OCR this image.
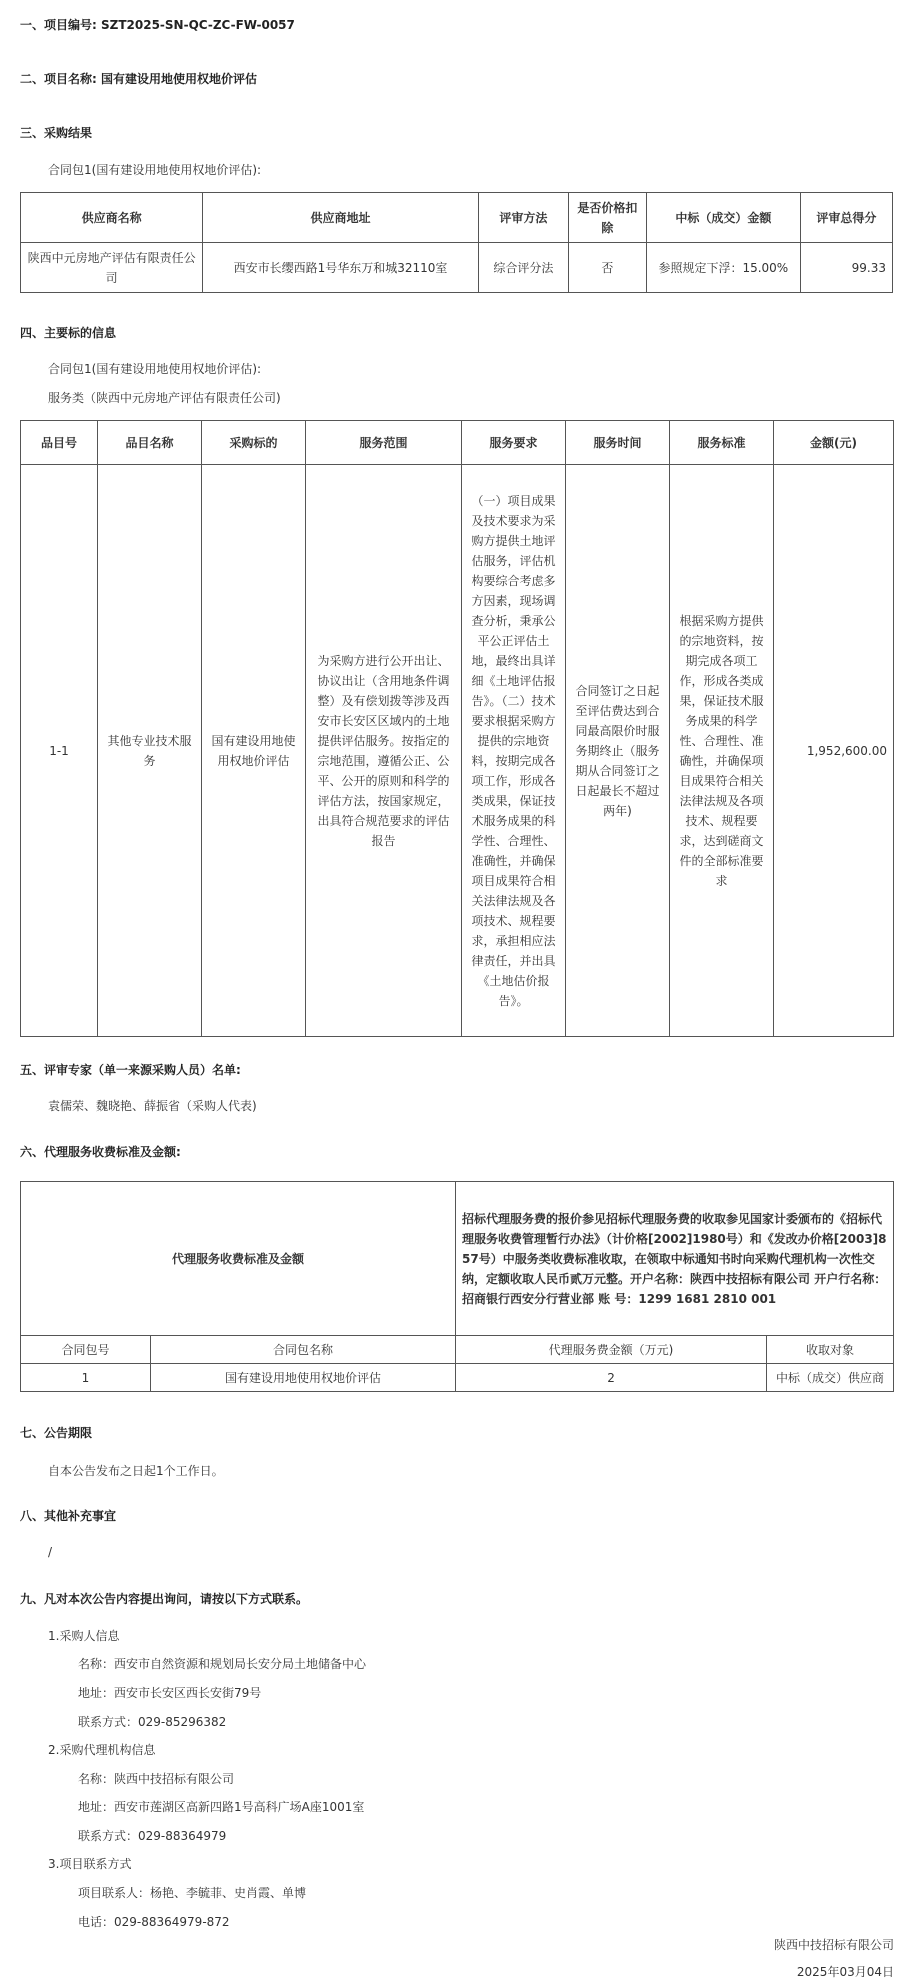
一、项目编号: SZT2025-SN-QC-ZC-FW-0057
二、项目名称: 国有建设用地使用权地价评估
三、采购结果
合同包1(国有建设用地使用权地价评估):
供应商名称	供应商地址	评审方法	是否价格扣除	中标（成交）金额	评审总得分
陕西中元房地产评估有限责任公司	西安市长缨西路1号华东万和城32110室	综合评分法	否	参照规定下浮：15.00%	99.33
四、主要标的信息
合同包1(国有建设用地使用权地价评估):
服务类（陕西中元房地产评估有限责任公司)
品目号	品目名称	采购标的	服务范围	服务要求	服务时间	服务标准	金额(元)
1-1	其他专业技术服务	国有建设用地使用权地价评估	为采购方进行公开出让、协议出让（含用地条件调整）及有偿划拨等涉及西安市长安区区域内的土地提供评估服务。按指定的宗地范围，遵循公正、公平、公开的原则和科学的评估方法，按国家规定，出具符合规范要求的评估报告	（一）项目成果及技术要求为采购方提供土地评估服务，评估机构要综合考虑多方因素，现场调查分析，秉承公平公正评估土地，最终出具详细《土地评估报告》。（二）技术要求根据采购方提供的宗地资料，按期完成各项工作，形成各类成果，保证技术服务成果的科学性、合理性、准确性，并确保项目成果符合相关法律法规及各项技术、规程要求，承担相应法律责任，并出具《土地估价报告》。	合同签订之日起至评估费达到合同最高限价时服务期终止（服务期从合同签订之日起最长不超过两年)	根据采购方提供的宗地资料，按期完成各项工作，形成各类成果，保证技术服务成果的科学性、合理性、准确性，并确保项目成果符合相关法律法规及各项技术、规程要求，达到磋商文件的全部标准要求	1,952,600.00
五、评审专家（单一来源采购人员）名单:
袁儒荣、魏晓艳、薛振省（采购人代表)
六、代理服务收费标准及金额:
代理服务收费标准及金额		招标代理服务费的报价参见招标代理服务费的收取参见国家计委颁布的《招标代理服务收费管理暂行办法》（计价格[2002]1980号）和《发改办价格[2003]857号）中服务类收费标准收取，在领取中标通知书时向采购代理机构一次性交纳，定额收取人民币贰万元整。开户名称：陕西中技招标有限公司 开户行名称：招商银行西安分行营业部 账 号：1299 1681 2810 001	
合同包号	合同包名称	代理服务费金额（万元)	收取对象
1	国有建设用地使用权地价评估	2	中标（成交）供应商
七、公告期限
自本公告发布之日起1个工作日。
八、其他补充事宜
/
九、凡对本次公告内容提出询问，请按以下方式联系。
1.采购人信息
名称：西安市自然资源和规划局长安分局土地储备中心
地址：西安市长安区西长安街79号
联系方式：029-85296382
2.采购代理机构信息
名称：陕西中技招标有限公司
地址：西安市莲湖区高新四路1号高科广场A座1001室
联系方式：029-88364979
3.项目联系方式
项目联系人：杨艳、李毓菲、史肖霞、单博
电话：029-88364979-872
陕西中技招标有限公司
2025年03月04日
